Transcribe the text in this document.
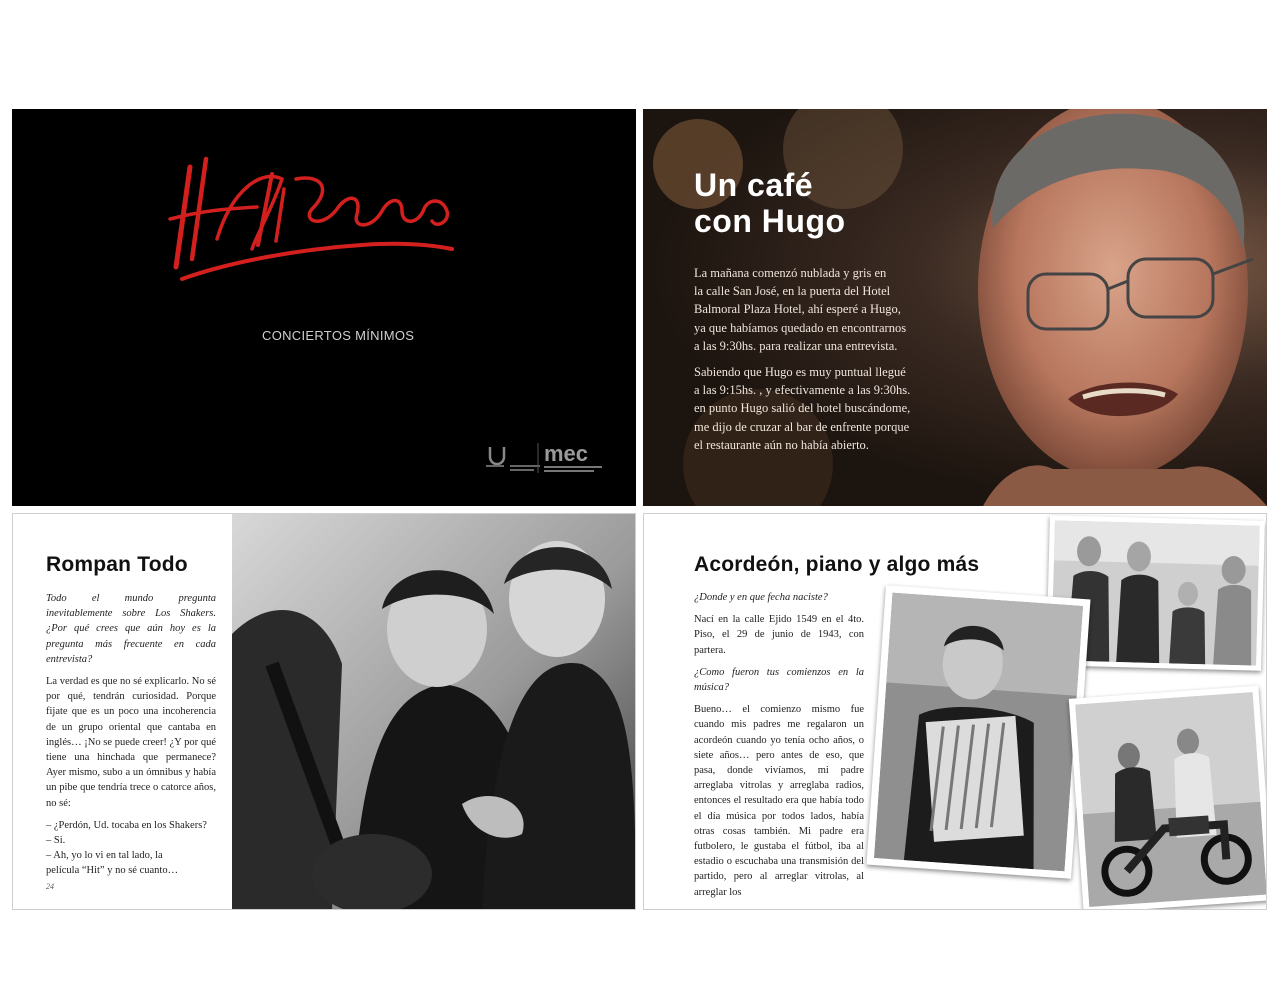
H. Fattoruso
CONCIERTOS MÍNIMOS
mec
Un café
con Hugo

La mañana comenzó nublada y gris en
la calle San José, en la puerta del Hotel
Balmoral Plaza Hotel, ahí esperé a Hugo,
ya que habíamos quedado en encontrarnos
a las 9:30hs. para realizar una entrevista.

Sabiendo que Hugo es muy puntual llegué
a las 9:15hs. , y efectivamente a las 9:30hs.
en punto Hugo salió del hotel buscándome,
me dijo de cruzar al bar de enfrente porque
el restaurante aún no había abierto.

Rompan Todo

Todo el mundo pregunta inevitablemente sobre Los Shakers. ¿Por qué crees que aún hoy es la pregunta más frecuente en cada entrevista?

La verdad es que no sé explicarlo. No sé por qué, tendrán curiosidad. Porque fijate que es un poco una incoherencia de un grupo oriental que cantaba en inglés… ¡No se puede creer! ¿Y por qué tiene una hinchada que permanece? Ayer mismo, subo a un ómnibus y había un pibe que tendría trece o catorce años, no sé:

– ¿Perdón, Ud. tocaba en los Shakers?
– Si.
– Ah, yo lo vi en tal lado, la
película “Hit” y no sé cuanto…

24
Acordeón, piano y algo más

¿Donde y en que fecha naciste?

Nací en la calle Ejido 1549 en el 4to. Piso, el 29 de junio de 1943, con partera.

¿Como fueron tus comienzos en la música?

Bueno… el comienzo mismo fue cuando mis padres me regalaron un acordeón cuando yo tenía ocho años, o siete años… pero antes de eso, que pasa, donde vivíamos, mi padre arreglaba vitrolas y arreglaba radios, entonces el resultado era que había todo el día música por todos lados, había otras cosas también. Mi padre era futbolero, le gustaba el fútbol, iba al estadio o escuchaba una transmisión del partido, pero al arreglar vitrolas, al arreglar los
